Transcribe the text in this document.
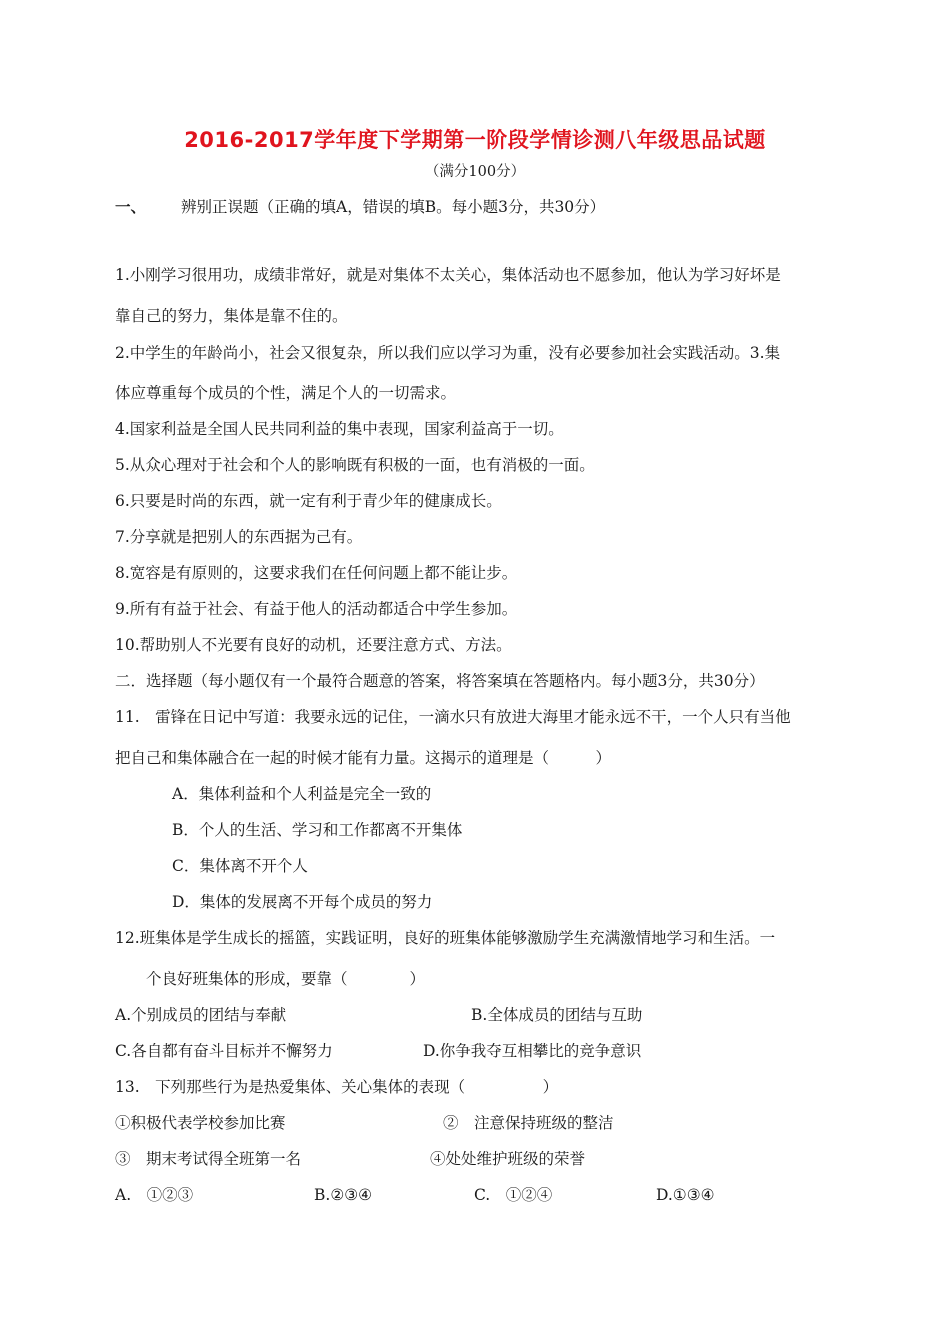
2016-2017学年度下学期第一阶段学情诊测八年级思品试题
（满分100分）
一、 辨别正误题（正确的填A，错误的填B。每小题3分，共30分）
1.小刚学习很用功，成绩非常好，就是对集体不太关心，集体活动也不愿参加，他认为学习好坏是
靠自己的努力，集体是靠不住的。
2.中学生的年龄尚小，社会又很复杂，所以我们应以学习为重，没有必要参加社会实践活动。3.集
体应尊重每个成员的个性，满足个人的一切需求。
4.国家利益是全国人民共同利益的集中表现，国家利益高于一切。
5.从众心理对于社会和个人的影响既有积极的一面，也有消极的一面。
6.只要是时尚的东西，就一定有利于青少年的健康成长。
7.分享就是把别人的东西据为己有。
8.宽容是有原则的，这要求我们在任何问题上都不能让步。
9.所有有益于社会、有益于他人的活动都适合中学生参加。
10.帮助别人不光要有良好的动机，还要注意方式、方法。
二．选择题（每小题仅有一个最符合题意的答案，将答案填在答题格内。每小题3分，共30分）
11.　雷锋在日记中写道：我要永远的记住，一滴水只有放进大海里才能永远不干，一个人只有当他
把自己和集体融合在一起的时候才能有力量。这揭示的道理是（　　　）
A．集体利益和个人利益是完全一致的
B．个人的生活、学习和工作都离不开集体
C．集体离不开个人
D．集体的发展离不开每个成员的努力
12.班集体是学生成长的摇篮，实践证明，良好的班集体能够激励学生充满激情地学习和生活。一
个良好班集体的形成，要靠（　　　　）
A.个别成员的团结与奉献	B.全体成员的团结与互助
C.各自都有奋斗目标并不懈努力	D.你争我夺互相攀比的竞争意识
13.　下列那些行为是热爱集体、关心集体的表现（　　　　　）
①积极代表学校参加比赛	②　注意保持班级的整洁
③　期末考试得全班第一名	④处处维护班级的荣誉
A.　①②③	B.②③④	C.　①②④	D.①③④
